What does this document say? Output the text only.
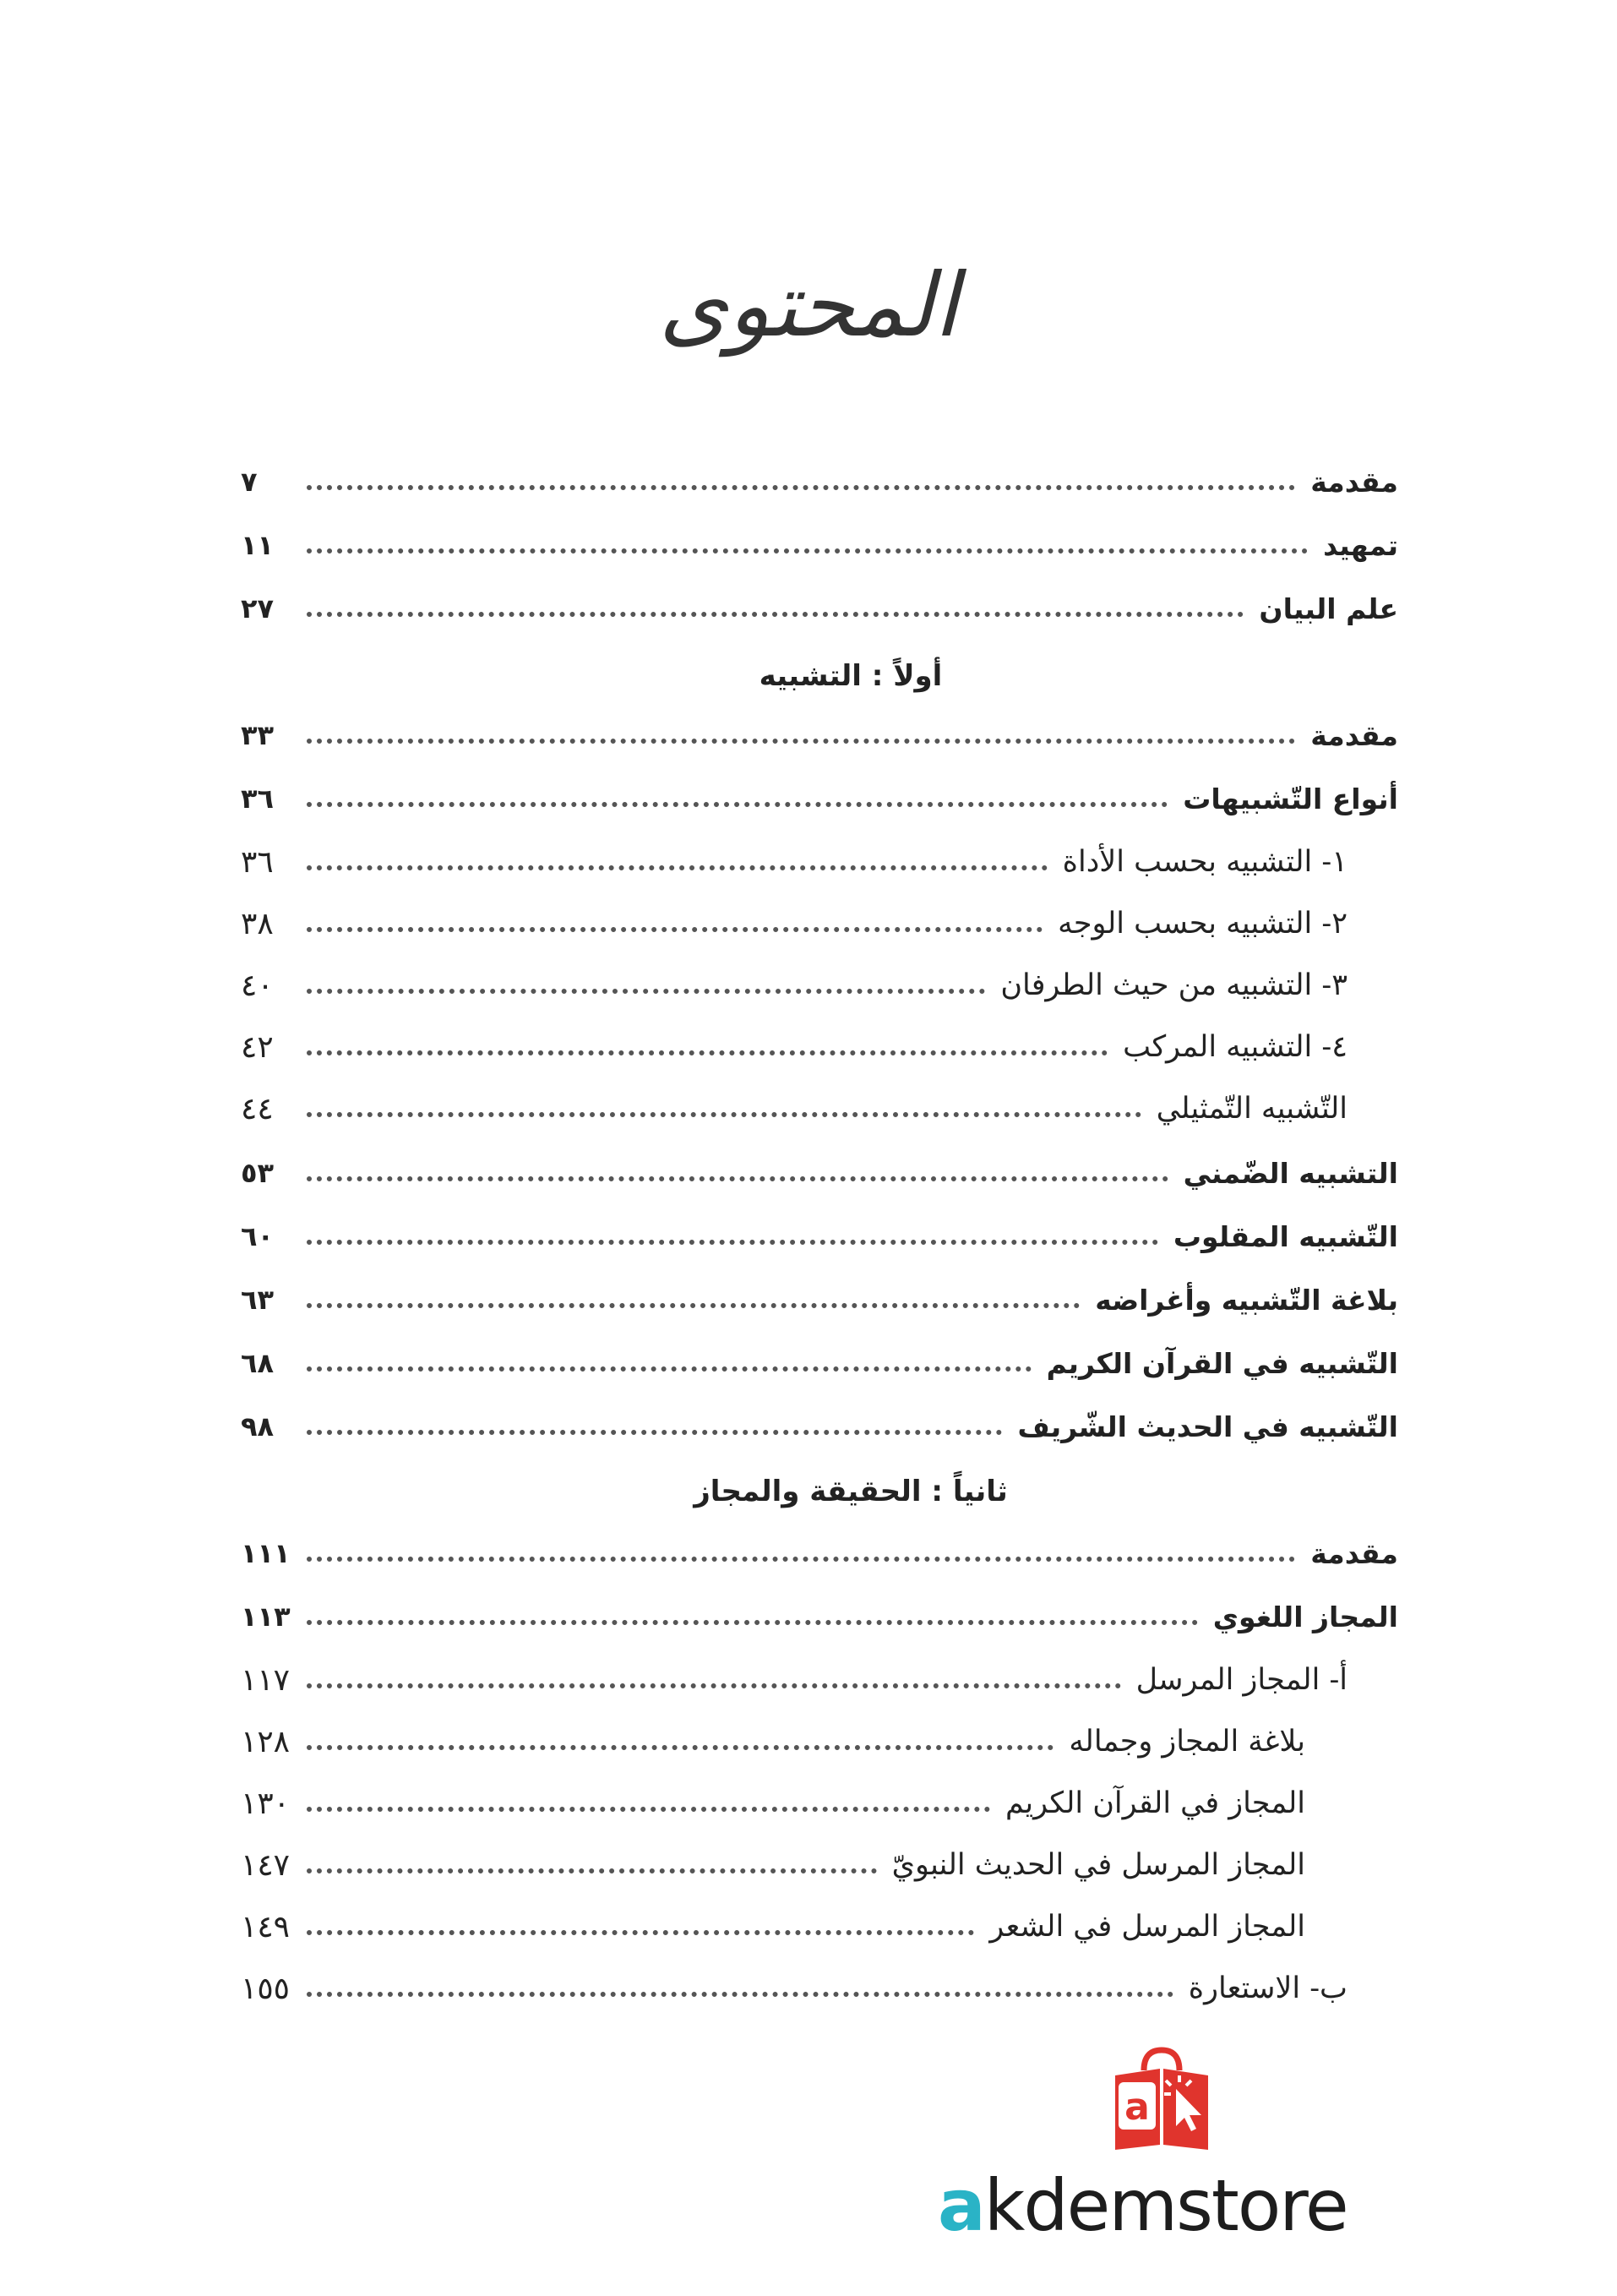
المحتوى
مقدمة
٧
تمهيد
١١
علم البيان
٢٧
أولاً : التشبيه
مقدمة
٣٣
أنواع التّشبيهات
٣٦
١- التشبيه بحسب الأداة
٣٦
٢- التشبيه بحسب الوجه
٣٨
٣- التشبيه من حيث الطرفان
٤٠
٤- التشبيه المركب
٤٢
التّشبيه التّمثيلي
٤٤
التشبيه الضّمني
٥٣
التّشبيه المقلوب
٦٠
بلاغة التّشبيه وأغراضه
٦٣
التّشبيه في القرآن الكريم
٦٨
التّشبيه في الحديث الشّريف
٩٨
ثانياً : الحقيقة والمجاز
مقدمة
١١١
المجاز اللغوي
١١٣
أ- المجاز المرسل
١١٧
بلاغة المجاز وجماله
١٢٨
المجاز في القرآن الكريم
١٣٠
المجاز المرسل في الحديث النبويّ
١٤٧
المجاز المرسل في الشعر
١٤٩
ب- الاستعارة
١٥٥
a
akdemstore
